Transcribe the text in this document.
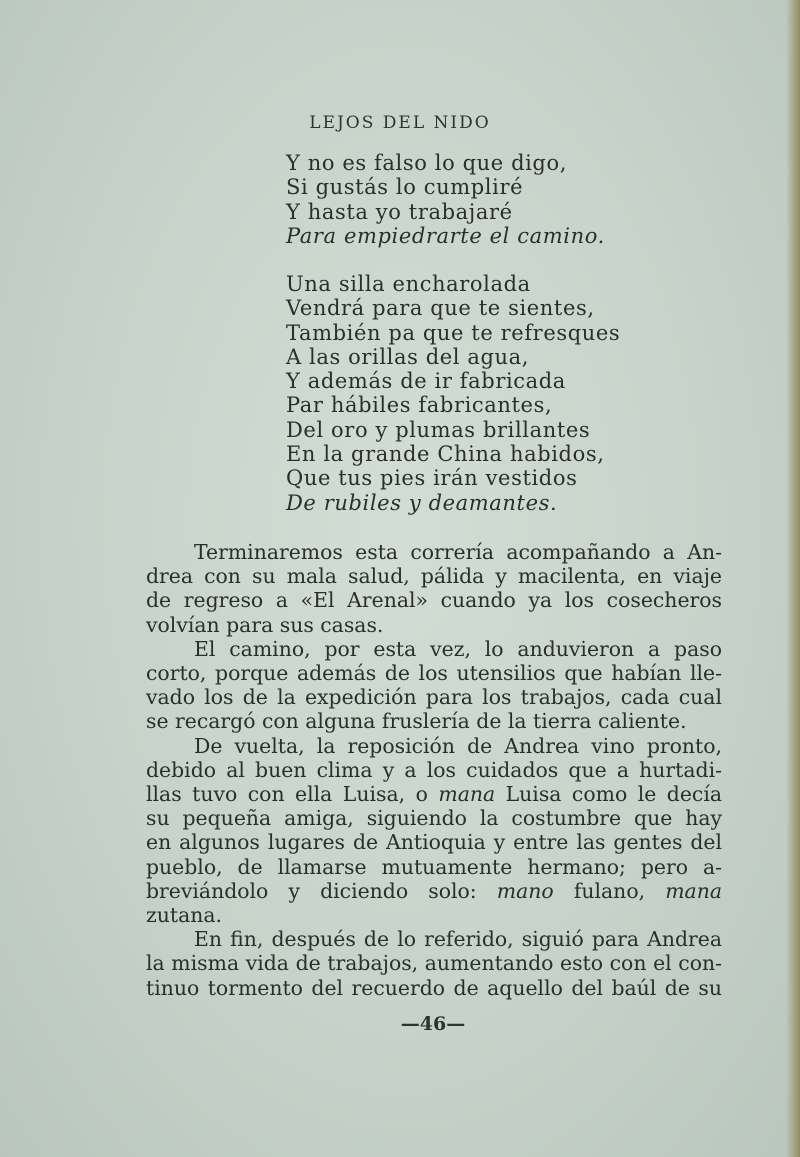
LEJOS DEL NIDO
Y no es falso lo que digo,
Si gustás lo cumpliré
Y hasta yo trabajaré
Para empiedrarte el camino.
Una silla encharolada
Vendrá para que te sientes,
También pa que te refresques
A las orillas del agua,
Y además de ir fabricada
Par hábiles fabricantes,
Del oro y plumas brillantes
En la grande China habidos,
Que tus pies irán vestidos
De rubiles y deamantes.
Terminaremos esta correría acompañando a An-
drea con su mala salud, pálida y macilenta, en viaje
de regreso a «El Arenal» cuando ya los cosecheros
volvían para sus casas.
El camino, por esta vez, lo anduvieron a paso
corto, porque además de los utensilios que habían lle-
vado los de la expedición para los trabajos, cada cual
se recargó con alguna fruslería de la tierra caliente.
De vuelta, la reposición de Andrea vino pronto,
debido al buen clima y a los cuidados que a hurtadi-
llas tuvo con ella Luisa, o mana Luisa como le decía
su pequeña amiga, siguiendo la costumbre que hay
en algunos lugares de Antioquia y entre las gentes del
pueblo, de llamarse mutuamente hermano; pero a-
breviándolo y diciendo solo: mano fulano, mana
zutana.
En fin, después de lo referido, siguió para Andrea
la misma vida de trabajos, aumentando esto con el con-
tinuo tormento del recuerdo de aquello del baúl de su
—46—
